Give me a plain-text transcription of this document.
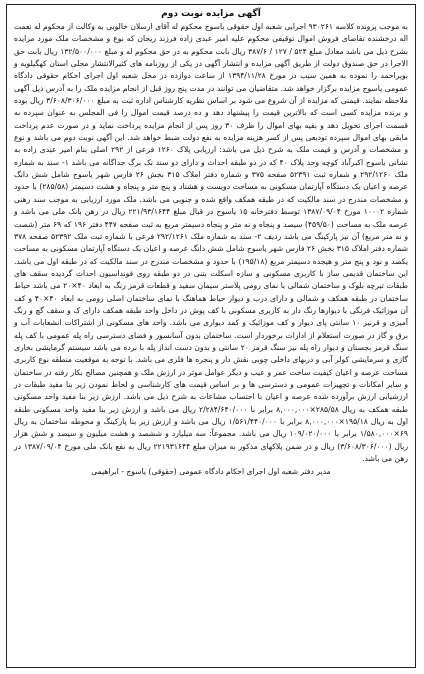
آگهی مزایده نوبت دوم

به موجب پرونده کلاسه ۹۳۰۲۶۱ اجرایی شعبه اول حقوقی یاسوج محکوم له آقای ارسلان خالویی به وکالت از محکوم له نعمت اله درخشنده تقاضای فروش اموال توقیفی محکوم علیه امیر عبدی زاده فرزند ریحان که نوع و مشخصات ملک مورد مزایده بشرح ذیل می باشد معادل مبلغ ۵۲۴ / ۱۲۷ / ۳۸۷/۶ ریال بابت محکوم به در حق محکوم له و مبلغ ۱۳۲/۵۰۰/۰۰۰ ریال بابت حق الاجرا در حق صندوق دولت از طریق آگهی مزایده و انتشار آگهی در یکی از روزنامه های کثیرالانتشار محلی استان کهگیلویه و بویراحمد را نموده به همین سبب در مورخ ۱۳۹۴/۱۱/۲۸ از ساعت دوازده در محل شعبه اول اجرای احکام حقوقی دادگاه عمومی یاسوج مزایده برگزار خواهد شد. متقاضیان می توانند در مدت پنج روز قبل از انجام مزایده ملک را به آدرس ذیل آگهی ملاحظه نمایند. قیمتی که مزایده از آن شروع می شود بر اساس نظریه کارشناس اداره ثبت به مبلغ ۳/۶۰۸/۳۰۶/۰۰۰ ریال بوده و برنده مزایده کسی است که بالاترین قیمت را پیشنهاد دهد و ده درصد قیمت اموال را فی المجلس به عنوان سپرده به قسمت اجرای تحویل دهد و بقیه بهای اموال را ظرف ۳۰ روز پس از انجام مزایده پرداخت نماید و در صورت عدم پرداخت مابقی بهای اموال سپرده تودیعی پس از کسر هزینه مزایده به نفع دولت ضبط خواهد شد. این آگهی نوبت دوم می باشد و نوع و مشخصات و آدرس و قیمت ملک به شرح ذیل می باشد: ارزیابی پلاک ۱۲۶۰ فرعی از ۲۹۲ اصلی بنام امیر عبدی زاده به نشانی یاسوج اکبرآباد کوچه وحد پلاک ۴۰ که در دو طبقه احداث و دارای دو سند تک برگ جداگانه می باشد ۱- سند به شماره ملک ۲۹۲/۱۲۶۰ و شماره ثبت ۵۲۳۹۱ صفحه ۳۷۵ و شماره دفتر املاک ۳۱۵ بخش ۲۶ فارس شهر یاسوج شامل شش دانگ عرصه و اعیان یک دستگاه آپارتمان مسکونی به مساحت دویست و هشتاد و پنج متر و پنجاه و هشت دسیمتر (۲۸۵/۵۸) با حدود و مشخصات مندرج در سند مالکیت که در طبقه همکف واقع شده و جنوبی می باشد. ملک مورد ارزیابی به موجب سند رهنی شماره ۱۰۰۰۲ مورخ ۱۳۸۷/۰۹/۰۴ توسط دفترخانه ۱۵ یاسوج در قبال مبلغ ۲۲۱/۹۳/۱۶۴۴ ریال در رهن بانک ملی می باشد و عرصه ملک به مساحت (۴۵۹/۵۰) سیصد و پنجاه و نه متر و پنجاه دسیمتر مربع به ثبت صفحه ۴۴۷ دفتر ۱۹۶ که ۶۹ متر (شصت و نه متر مربع) آن نیز پارکینگ می باشد ردیف ۲- سند به شماره ملک ۲۹۲/۱۲۶۱ فرعی با شماره ثبت ملک ۵۲۳۹۲ صفحه ۳۷۸ شماره دفتر املاک ۳۱۵ بخش ۲۶ فارس شهر یاسوج شامل شش دانگ عرصه و اعیان یک دستگاه آپارتمان مسکونی به مساحت یکصد و نود و پنج متر و هیجده دسیمتر مربع (۱۹۵/۱۸) با حدود و مشخصات مندرج در سند مالکیت که در طبقه اول می باشد. این ساختمان قدیمی ساز با کاربری مسکونی و سازه اسکلت بتنی در دو طبقه روی فونداسیون احداث گردیده سقف های طبقات تیرچه بلوک و ساختمان شمالی با نمای رومی پلاستر سیمان سفید و قطعات قرمز رنگ به ابعاد ۴۰×۲۰ می باشد حیاط ساختمان در طبقه همکف و شمالی و دارای درب و دیوار حیاط هماهنگ با نمای ساختمان اصلی رومی به ابعاد ۴۰×۴۰ و کف آن موزائیک فرنگی با دیوارها رنگ دار به کاربری مسکونی با کف پوش در داخل واحد طبقه همکف دارای ک و سقف گچ و رنگ آمیزی و قرنیز ۱۰ سانتی پای دیوار و کف موزائیک و کمد دیواری می باشد. واحد های مسکونی از اشتراکات انشعابات آب و برق و گاز در صورت استعلام از ادارات برخوردار است. ساختمان بدون آسانسور و فضای دسترسی راه پله عمومی با کف پله سنگ قرمز بجستان و دیوار راه پله نیز سنگ قرمز ۲۰ سانتی و بدون دست انداز پله با نرده می باشد سیستم گرمایشی بخاری گازی و سرمایشی کولر آبی و دربهای داخلی چوبی نقش دار و پنجره ها فلزی می باشد. با توجه به موقعیت منطقه نوع کاربری مساحت عرصه و اعیان کیفیت ساخت عمر و عیب و دیگر عوامل موثر در ارزش ملک و همچنین مصالح بکار رفته در ساختمان و سایر امکانات و تجهیزات عمومی و دسترسی ها و بر اساس قیمت های کارشناسی و لحاظ نمودن زیر بنا مفید طبقات در ارزشیابی ارزش برآورده شده عرصه و اعیان با احتساب مشاعات به شرح ذیل می باشد. ارزش زیر بنا مفید واحد مسکونی طبقه همکف به ریال ۲۸۵/۵۸×۸,۰۰۰,۰۰۰ برابر با ۲/۲۸۴/۶۴۰/۰۰۰ ریال می باشد و ارزش زیر بنا مفید واحد مسکونی طبقه اول به ریال ۱۹۵/۱۸×۸,۰۰۰,۰۰۰ برابر با ۱/۵۶۱/۴۴۰/۰۰۰ ریال می باشد و ارزش زیر بنا پارکینگ و محوطه ساختمان به ریال ۶۹×۱/۵۸۰,۰۰۰ برابر با ۱۰۹/۰۲۰/۰۰۰ ریال می باشد. مجموعاً: سه میلیارد و ششصد و هشت میلیون و سیصد و شش هزار ریال (۳/۶۰۸/۳۰۶/۰۰۰) ریال و در ضمن پلاکهای مذکور به میزان مبلغ ۲۲۱۹۳۱۶۴۴ ریال به نفع بانک ملی مورخ ۱۳۸۷/۰۹/۰۴ در رهن می باشد.

مدیر دفتر شعبه اول اجرای احکام دادگاه عمومی (حقوقی) یاسوج - ابراهیمی
